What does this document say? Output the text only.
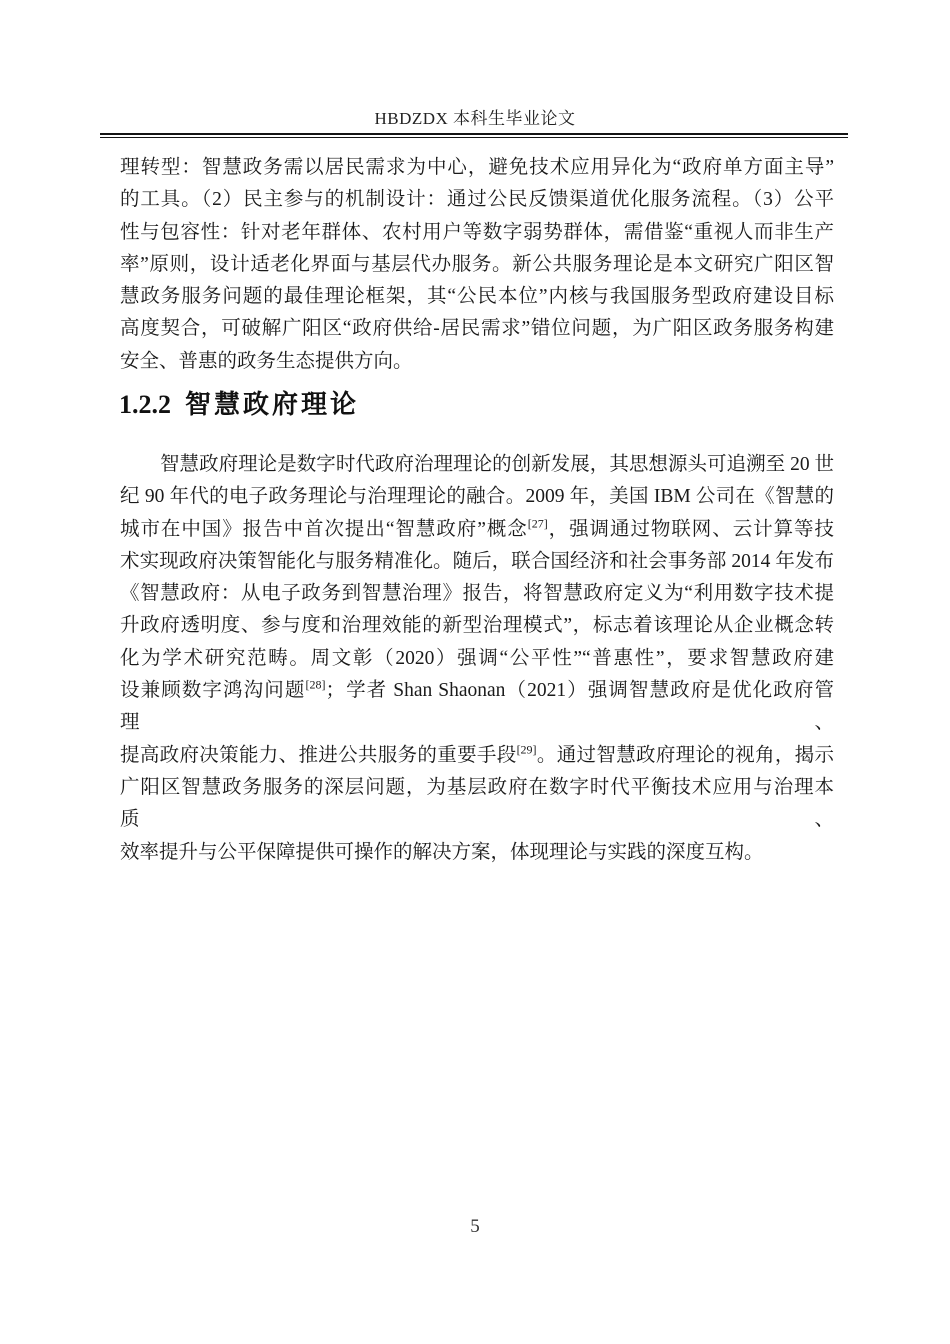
HBDZDX 本科生毕业论文
理转型：智慧政务需以居民需求为中心，避免技术应用异化为“政府单方面主导”
的工具。（2）民主参与的机制设计：通过公民反馈渠道优化服务流程。（3）公平
性与包容性：针对老年群体、农村用户等数字弱势群体，需借鉴“重视人而非生产
率”原则，设计适老化界面与基层代办服务。新公共服务理论是本文研究广阳区智
慧政务服务问题的最佳理论框架，其“公民本位”内核与我国服务型政府建设目标
高度契合，可破解广阳区“政府供给-居民需求”错位问题，为广阳区政务服务构建
安全、普惠的政务生态提供方向。
1.2.2 智慧政府理论
智慧政府理论是数字时代政府治理理论的创新发展，其思想源头可追溯至 20 世
纪 90 年代的电子政务理论与治理理论的融合。2009 年，美国 IBM 公司在《智慧的
城市在中国》报告中首次提出“智慧政府”概念[27]，强调通过物联网、云计算等技
术实现政府决策智能化与服务精准化。随后，联合国经济和社会事务部 2014 年发布
《智慧政府：从电子政务到智慧治理》报告，将智慧政府定义为“利用数字技术提
升政府透明度、参与度和治理效能的新型治理模式”，标志着该理论从企业概念转
化为学术研究范畴。周文彰（2020）强调“公平性”“普惠性”，要求智慧政府建
设兼顾数字鸿沟问题[28]；学者 Shan Shaonan（2021）强调智慧政府是优化政府管理、
提高政府决策能力、推进公共服务的重要手段[29]。通过智慧政府理论的视角，揭示
广阳区智慧政务服务的深层问题，为基层政府在数字时代平衡技术应用与治理本质、
效率提升与公平保障提供可操作的解决方案，体现理论与实践的深度互构。
5
